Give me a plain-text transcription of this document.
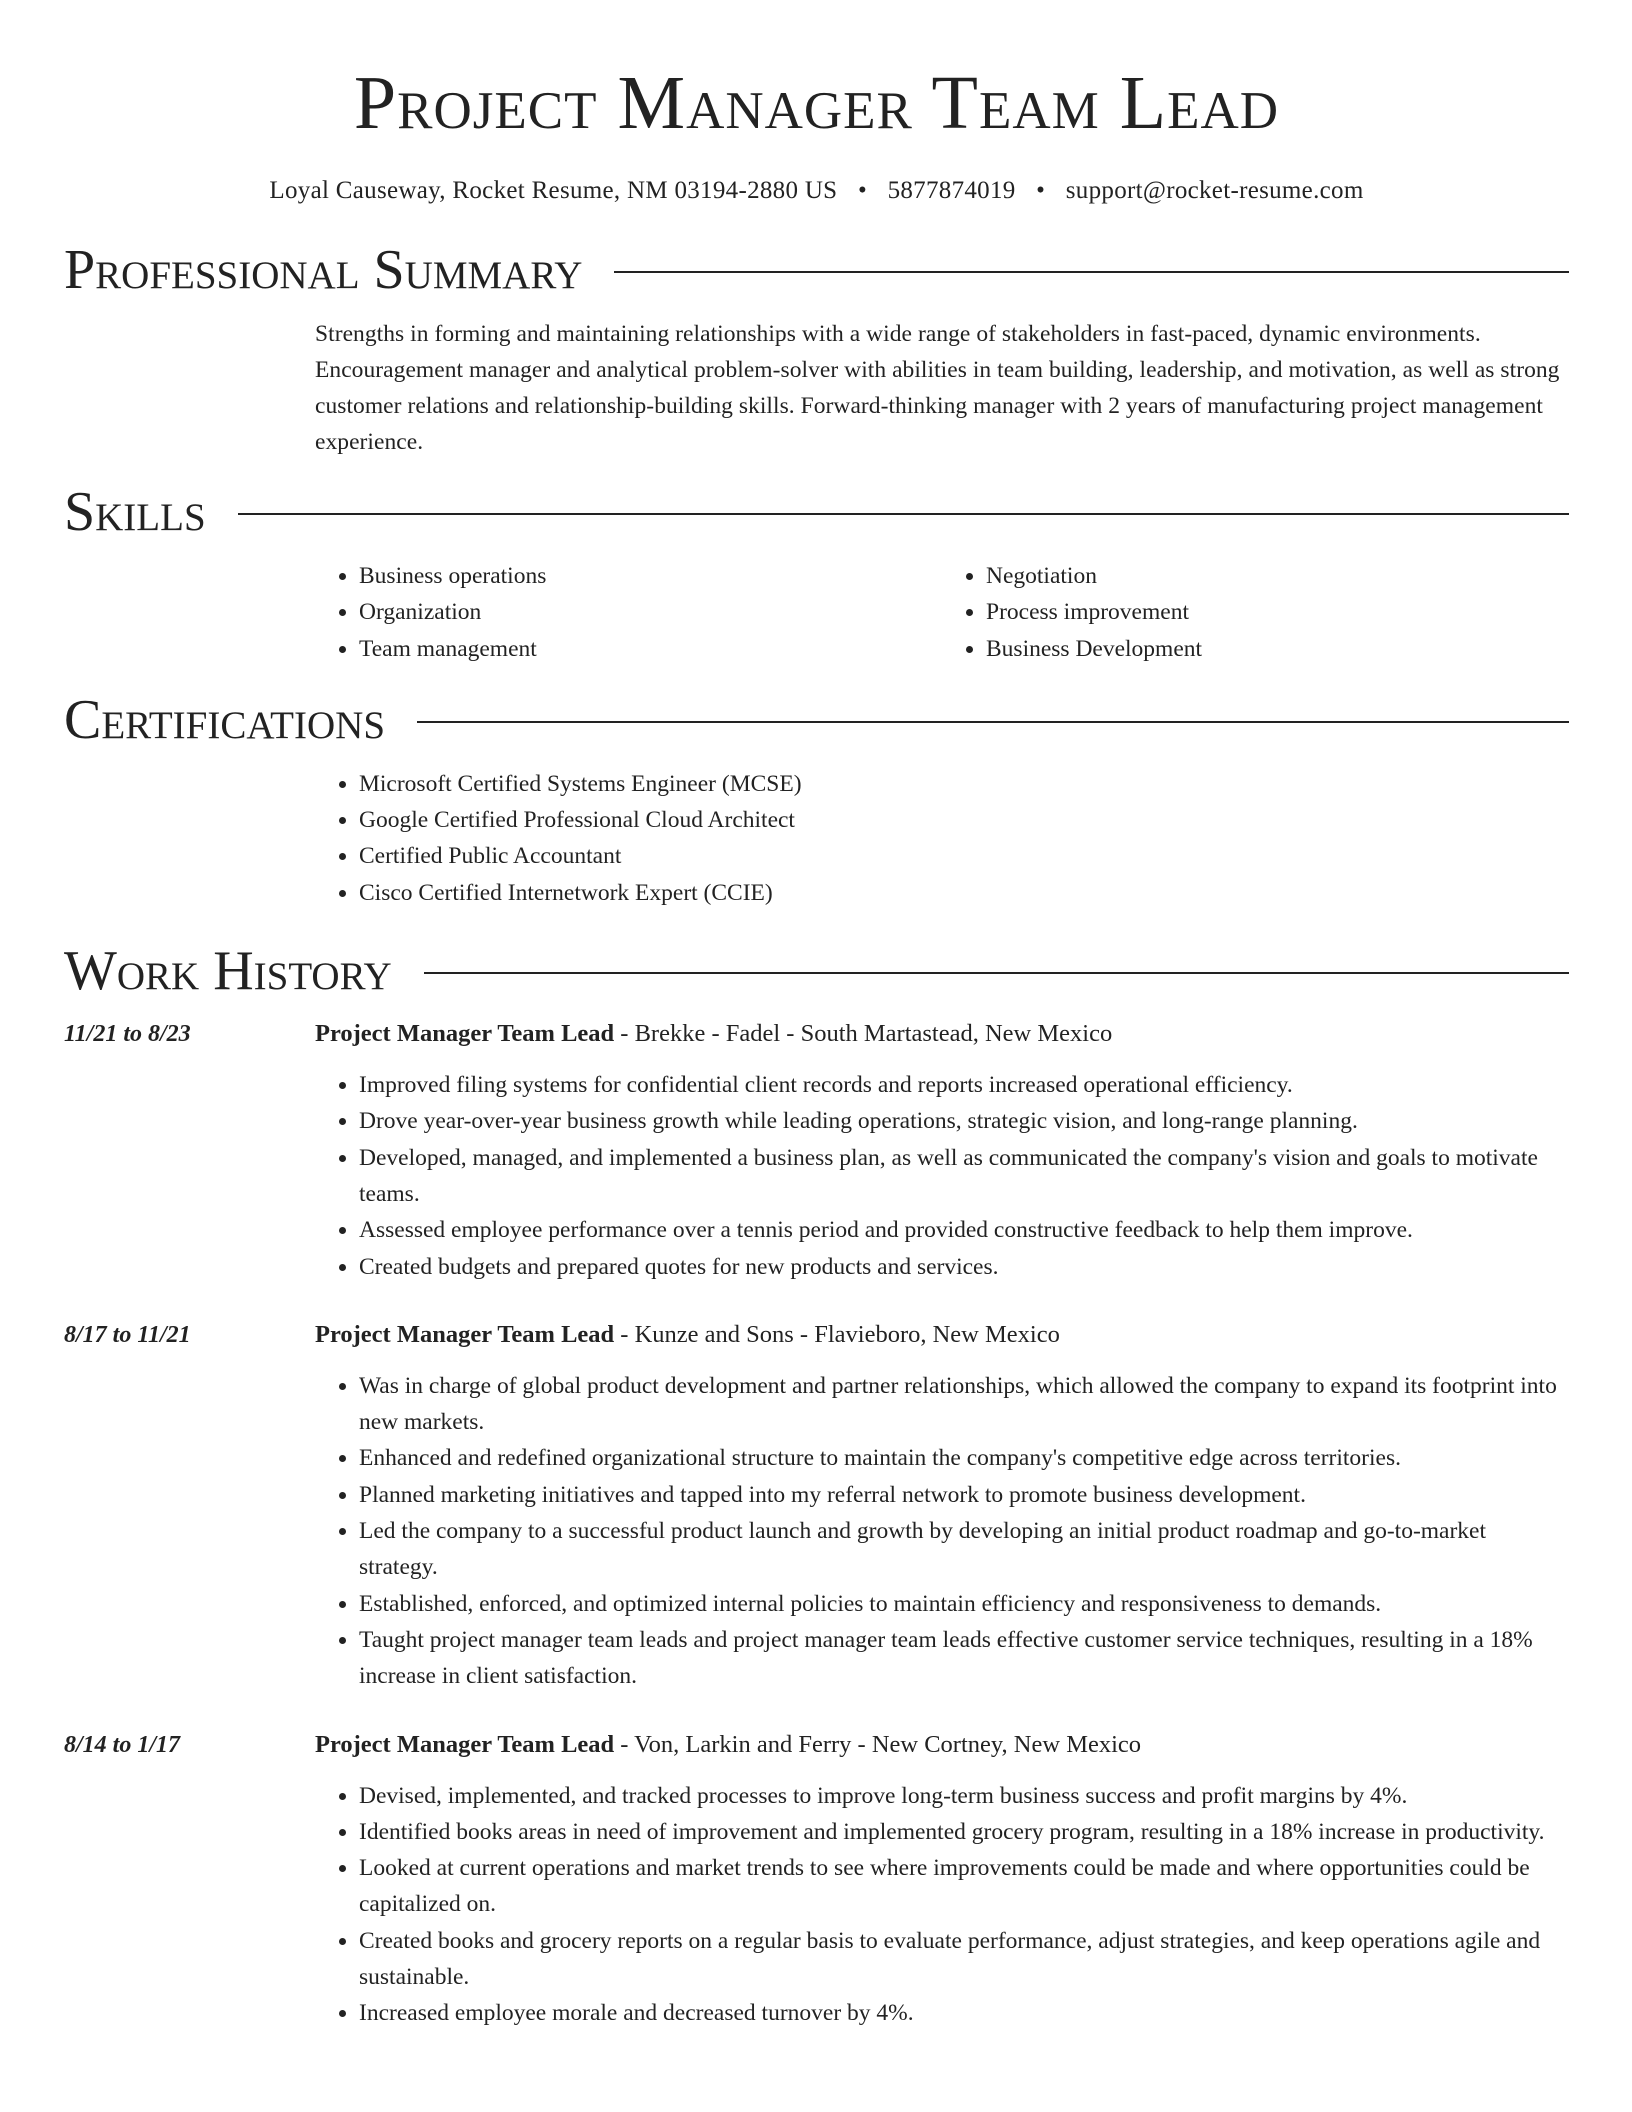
Project Manager Team Lead
Loyal Causeway, Rocket Resume, NM 03194-2880 US • 5877874019 • support@rocket-resume.com
Professional Summary
Strengths in forming and maintaining relationships with a wide range of stakeholders in fast-paced, dynamic environments. Encouragement manager and analytical problem-solver with abilities in team building, leadership, and motivation, as well as strong customer relations and relationship-building skills. Forward-thinking manager with 2 years of manufacturing project management experience.
Skills
• Business operations
• Organization
• Team management
• Negotiation
• Process improvement
• Business Development
Certifications
• Microsoft Certified Systems Engineer (MCSE)
• Google Certified Professional Cloud Architect
• Certified Public Accountant
• Cisco Certified Internetwork Expert (CCIE)
Work History
11/21 to 8/23	Project Manager Team Lead - Brekke - Fadel - South Martastead, New Mexico
• Improved filing systems for confidential client records and reports increased operational efficiency.
• Drove year-over-year business growth while leading operations, strategic vision, and long-range planning.
• Developed, managed, and implemented a business plan, as well as communicated the company's vision and goals to motivate teams.
• Assessed employee performance over a tennis period and provided constructive feedback to help them improve.
• Created budgets and prepared quotes for new products and services.
8/17 to 11/21	Project Manager Team Lead - Kunze and Sons - Flavieboro, New Mexico
• Was in charge of global product development and partner relationships, which allowed the company to expand its footprint into new markets.
• Enhanced and redefined organizational structure to maintain the company's competitive edge across territories.
• Planned marketing initiatives and tapped into my referral network to promote business development.
• Led the company to a successful product launch and growth by developing an initial product roadmap and go-to-market strategy.
• Established, enforced, and optimized internal policies to maintain efficiency and responsiveness to demands.
• Taught project manager team leads and project manager team leads effective customer service techniques, resulting in a 18% increase in client satisfaction.
8/14 to 1/17	Project Manager Team Lead - Von, Larkin and Ferry - New Cortney, New Mexico
• Devised, implemented, and tracked processes to improve long-term business success and profit margins by 4%.
• Identified books areas in need of improvement and implemented grocery program, resulting in a 18% increase in productivity.
• Looked at current operations and market trends to see where improvements could be made and where opportunities could be capitalized on.
• Created books and grocery reports on a regular basis to evaluate performance, adjust strategies, and keep operations agile and sustainable.
• Increased employee morale and decreased turnover by 4%.
